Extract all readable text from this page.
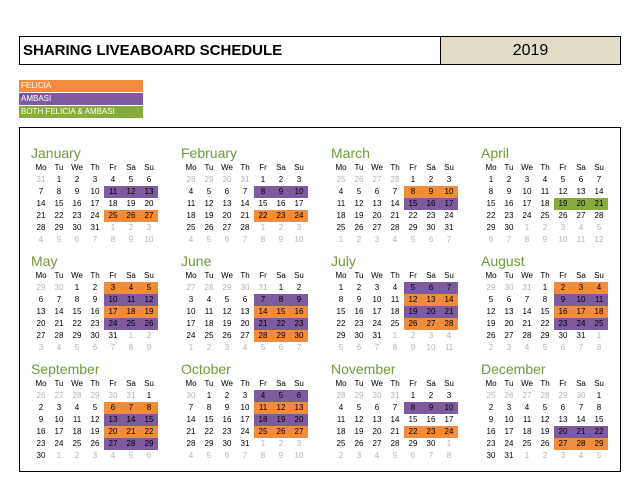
SHARING LIVEABOARD SCHEDULE	2019
FELICIA
AMBASI
BOTH FELICIA & AMBASI
January
Mo	Tu	We	Th	Fr	Sa	Su
31	1	2	3	4	5	6
7	8	9	10	11	12	13
14	15	16	17	18	19	20
21	22	23	24	25	26	27
28	29	30	31	1	2	3
4	5	6	7	8	9	10
February
Mo	Tu	We	Th	Fr	Sa	Su
28	29	30	31	1	2	3
4	5	6	7	8	9	10
11	12	13	14	15	16	17
18	19	20	21	22	23	24
25	26	27	28	1	2	3
4	5	6	7	8	9	10
March
Mo	Tu	We	Th	Fr	Sa	Su
25	26	27	28	1	2	3
4	5	6	7	8	9	10
11	12	13	14	15	16	17
18	19	20	21	22	23	24
25	26	27	28	29	30	31
1	2	3	4	5	6	7
April
Mo	Tu	We	Th	Fr	Sa	Su
1	2	3	4	5	6	7
8	9	10	11	12	13	14
15	16	17	18	19	20	21
22	23	24	25	26	27	28
29	30	1	2	3	4	5
6	7	8	9	10	11	12
May
Mo	Tu	We	Th	Fr	Sa	Su
29	30	1	2	3	4	5
6	7	8	9	10	11	12
13	14	15	16	17	18	19
20	21	22	23	24	25	26
27	28	29	30	31	1	2
3	4	5	6	7	8	9
June
Mo	Tu	We	Th	Fr	Sa	Su
27	28	29	30	31	1	2
3	4	5	6	7	8	9
10	11	12	13	14	15	16
17	18	19	20	21	22	23
24	25	26	27	28	29	30
1	2	3	4	5	6	7
July
Mo	Tu	We	Th	Fr	Sa	Su
1	2	3	4	5	6	7
8	9	10	11	12	13	14
15	16	17	18	19	20	21
22	23	24	25	26	27	28
29	30	31	1	2	3	4
5	6	7	8	9	10	11
August
Mo	Tu	We	Th	Fr	Sa	Su
29	30	31	1	2	3	4
5	6	7	8	9	10	11
12	13	14	15	16	17	18
19	20	21	22	23	24	25
26	27	28	29	30	31	1
2	3	4	5	6	7	8
September
Mo	Tu	We	Th	Fr	Sa	Su
26	27	28	29	30	31	1
2	3	4	5	6	7	8
9	10	11	12	13	14	15
16	17	18	19	20	21	22
23	24	25	26	27	28	29
30	1	2	3	4	5	6
October
Mo	Tu	We	Th	Fr	Sa	Su
30	1	2	3	4	5	6
7	8	9	10	11	12	13
14	15	16	17	18	19	20
21	22	23	24	25	26	27
28	29	30	31	1	2	3
4	5	6	7	8	9	10
November
Mo	Tu	We	Th	Fr	Sa	Su
28	29	30	31	1	2	3
4	5	6	7	8	9	10
11	12	13	14	15	16	17
18	19	20	21	22	23	24
25	26	27	28	29	30	1
2	3	4	5	6	7	8
December
Mo	Tu	We	Th	Fr	Sa	Su
25	26	27	28	29	30	1
2	3	4	5	6	7	8
9	10	11	12	13	14	15
16	17	18	19	20	21	22
23	24	25	26	27	28	29
30	31	1	2	3	4	5
